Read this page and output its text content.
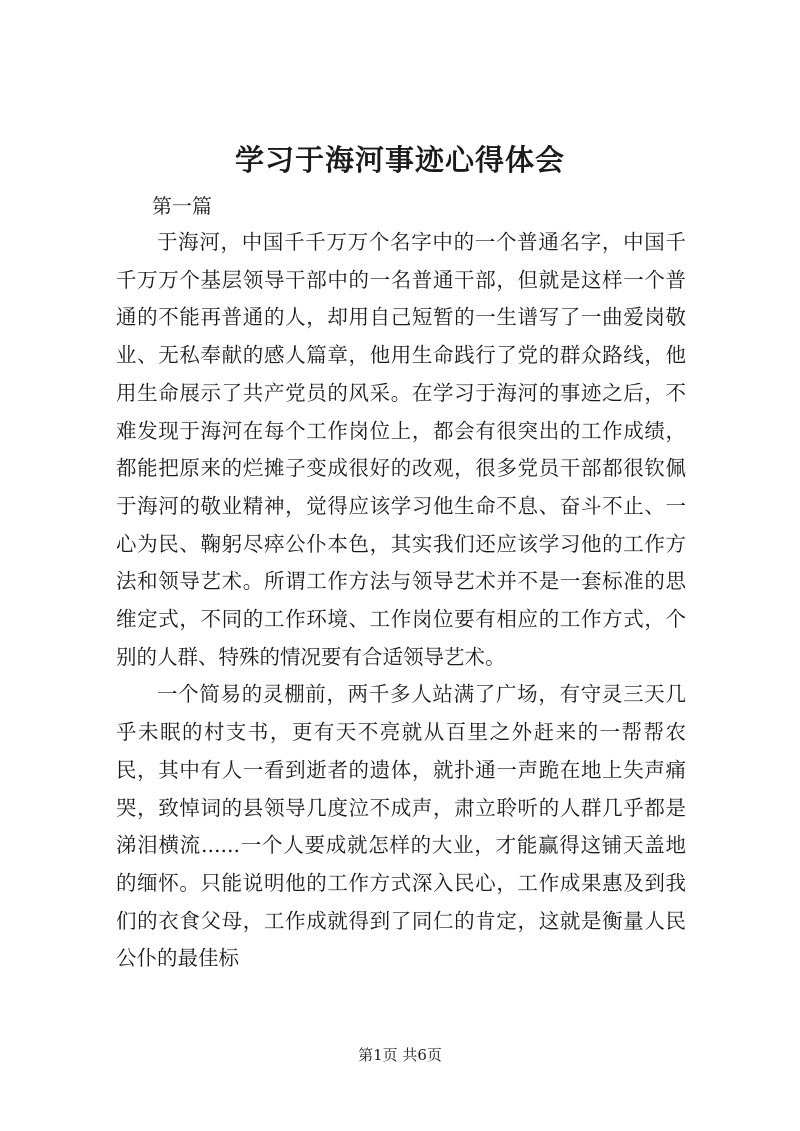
学习于海河事迹心得体会
第一篇

于海河，中国千千万万个名字中的一个普通名字，中国千千万万个基层领导干部中的一名普通干部，但就是这样一个普通的不能再普通的人，却用自己短暂的一生谱写了一曲爱岗敬业、无私奉献的感人篇章，他用生命践行了党的群众路线，他用生命展示了共产党员的风采。在学习于海河的事迹之后，不难发现于海河在每个工作岗位上，都会有很突出的工作成绩，都能把原来的烂摊子变成很好的改观，很多党员干部都很钦佩于海河的敬业精神，觉得应该学习他生命不息、奋斗不止、一心为民、鞠躬尽瘁公仆本色，其实我们还应该学习他的工作方法和领导艺术。所谓工作方法与领导艺术并不是一套标准的思维定式，不同的工作环境、工作岗位要有相应的工作方式，个别的人群、特殊的情况要有合适领导艺术。

一个简易的灵棚前，两千多人站满了广场，有守灵三天几乎未眠的村支书，更有天不亮就从百里之外赶来的一帮帮农民，其中有人一看到逝者的遗体，就扑通一声跪在地上失声痛哭，致悼词的县领导几度泣不成声，肃立聆听的人群几乎都是涕泪横流......一个人要成就怎样的大业，才能赢得这铺天盖地的缅怀。只能说明他的工作方式深入民心，工作成果惠及到我们的衣食父母，工作成就得到了同仁的肯定，这就是衡量人民公仆的最佳标

第1页 共6页
